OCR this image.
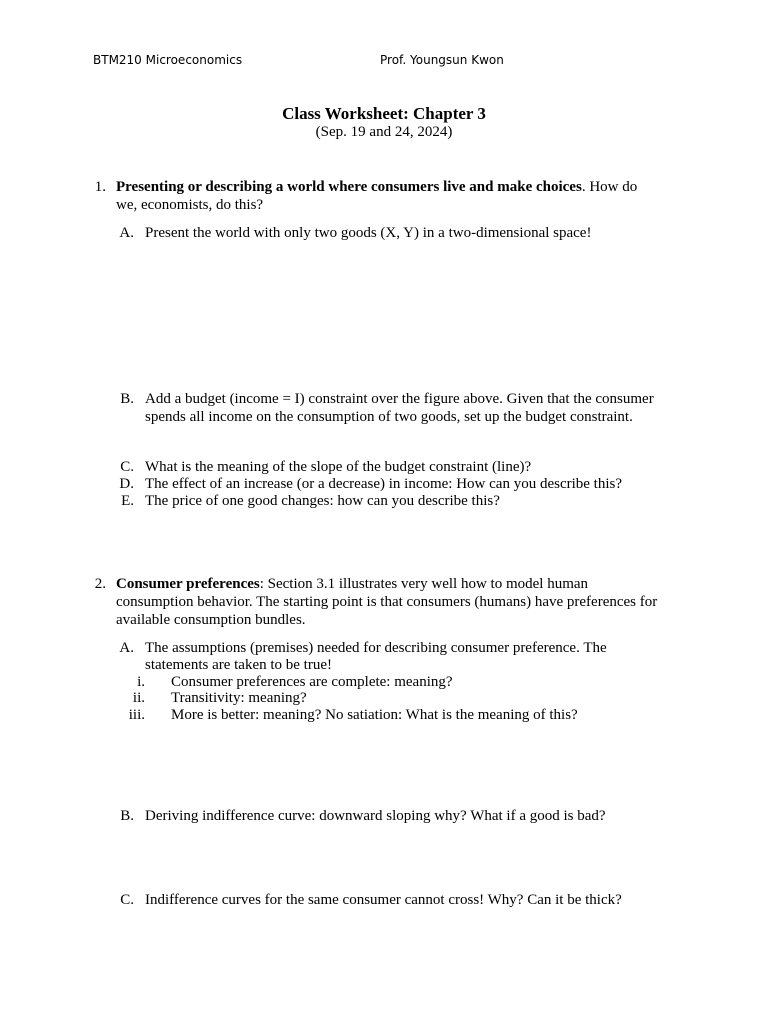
BTM210 Microeconomics	Prof. Youngsun Kwon
Class Worksheet: Chapter 3
(Sep. 19 and 24, 2024)
1. Presenting or describing a world where consumers live and make choices. How do
we, economists, do this?
A. Present the world with only two goods (X, Y) in a two-dimensional space!
B. Add a budget (income = I) constraint over the figure above. Given that the consumer
spends all income on the consumption of two goods, set up the budget constraint.
C. What is the meaning of the slope of the budget constraint (line)?
D. The effect of an increase (or a decrease) in income: How can you describe this?
E. The price of one good changes: how can you describe this?
2. Consumer preferences: Section 3.1 illustrates very well how to model human
consumption behavior. The starting point is that consumers (humans) have preferences for
available consumption bundles.
A. The assumptions (premises) needed for describing consumer preference. The
statements are taken to be true!
i. Consumer preferences are complete: meaning?
ii. Transitivity: meaning?
iii. More is better: meaning? No satiation: What is the meaning of this?
B. Deriving indifference curve: downward sloping why? What if a good is bad?
C. Indifference curves for the same consumer cannot cross! Why? Can it be thick?
